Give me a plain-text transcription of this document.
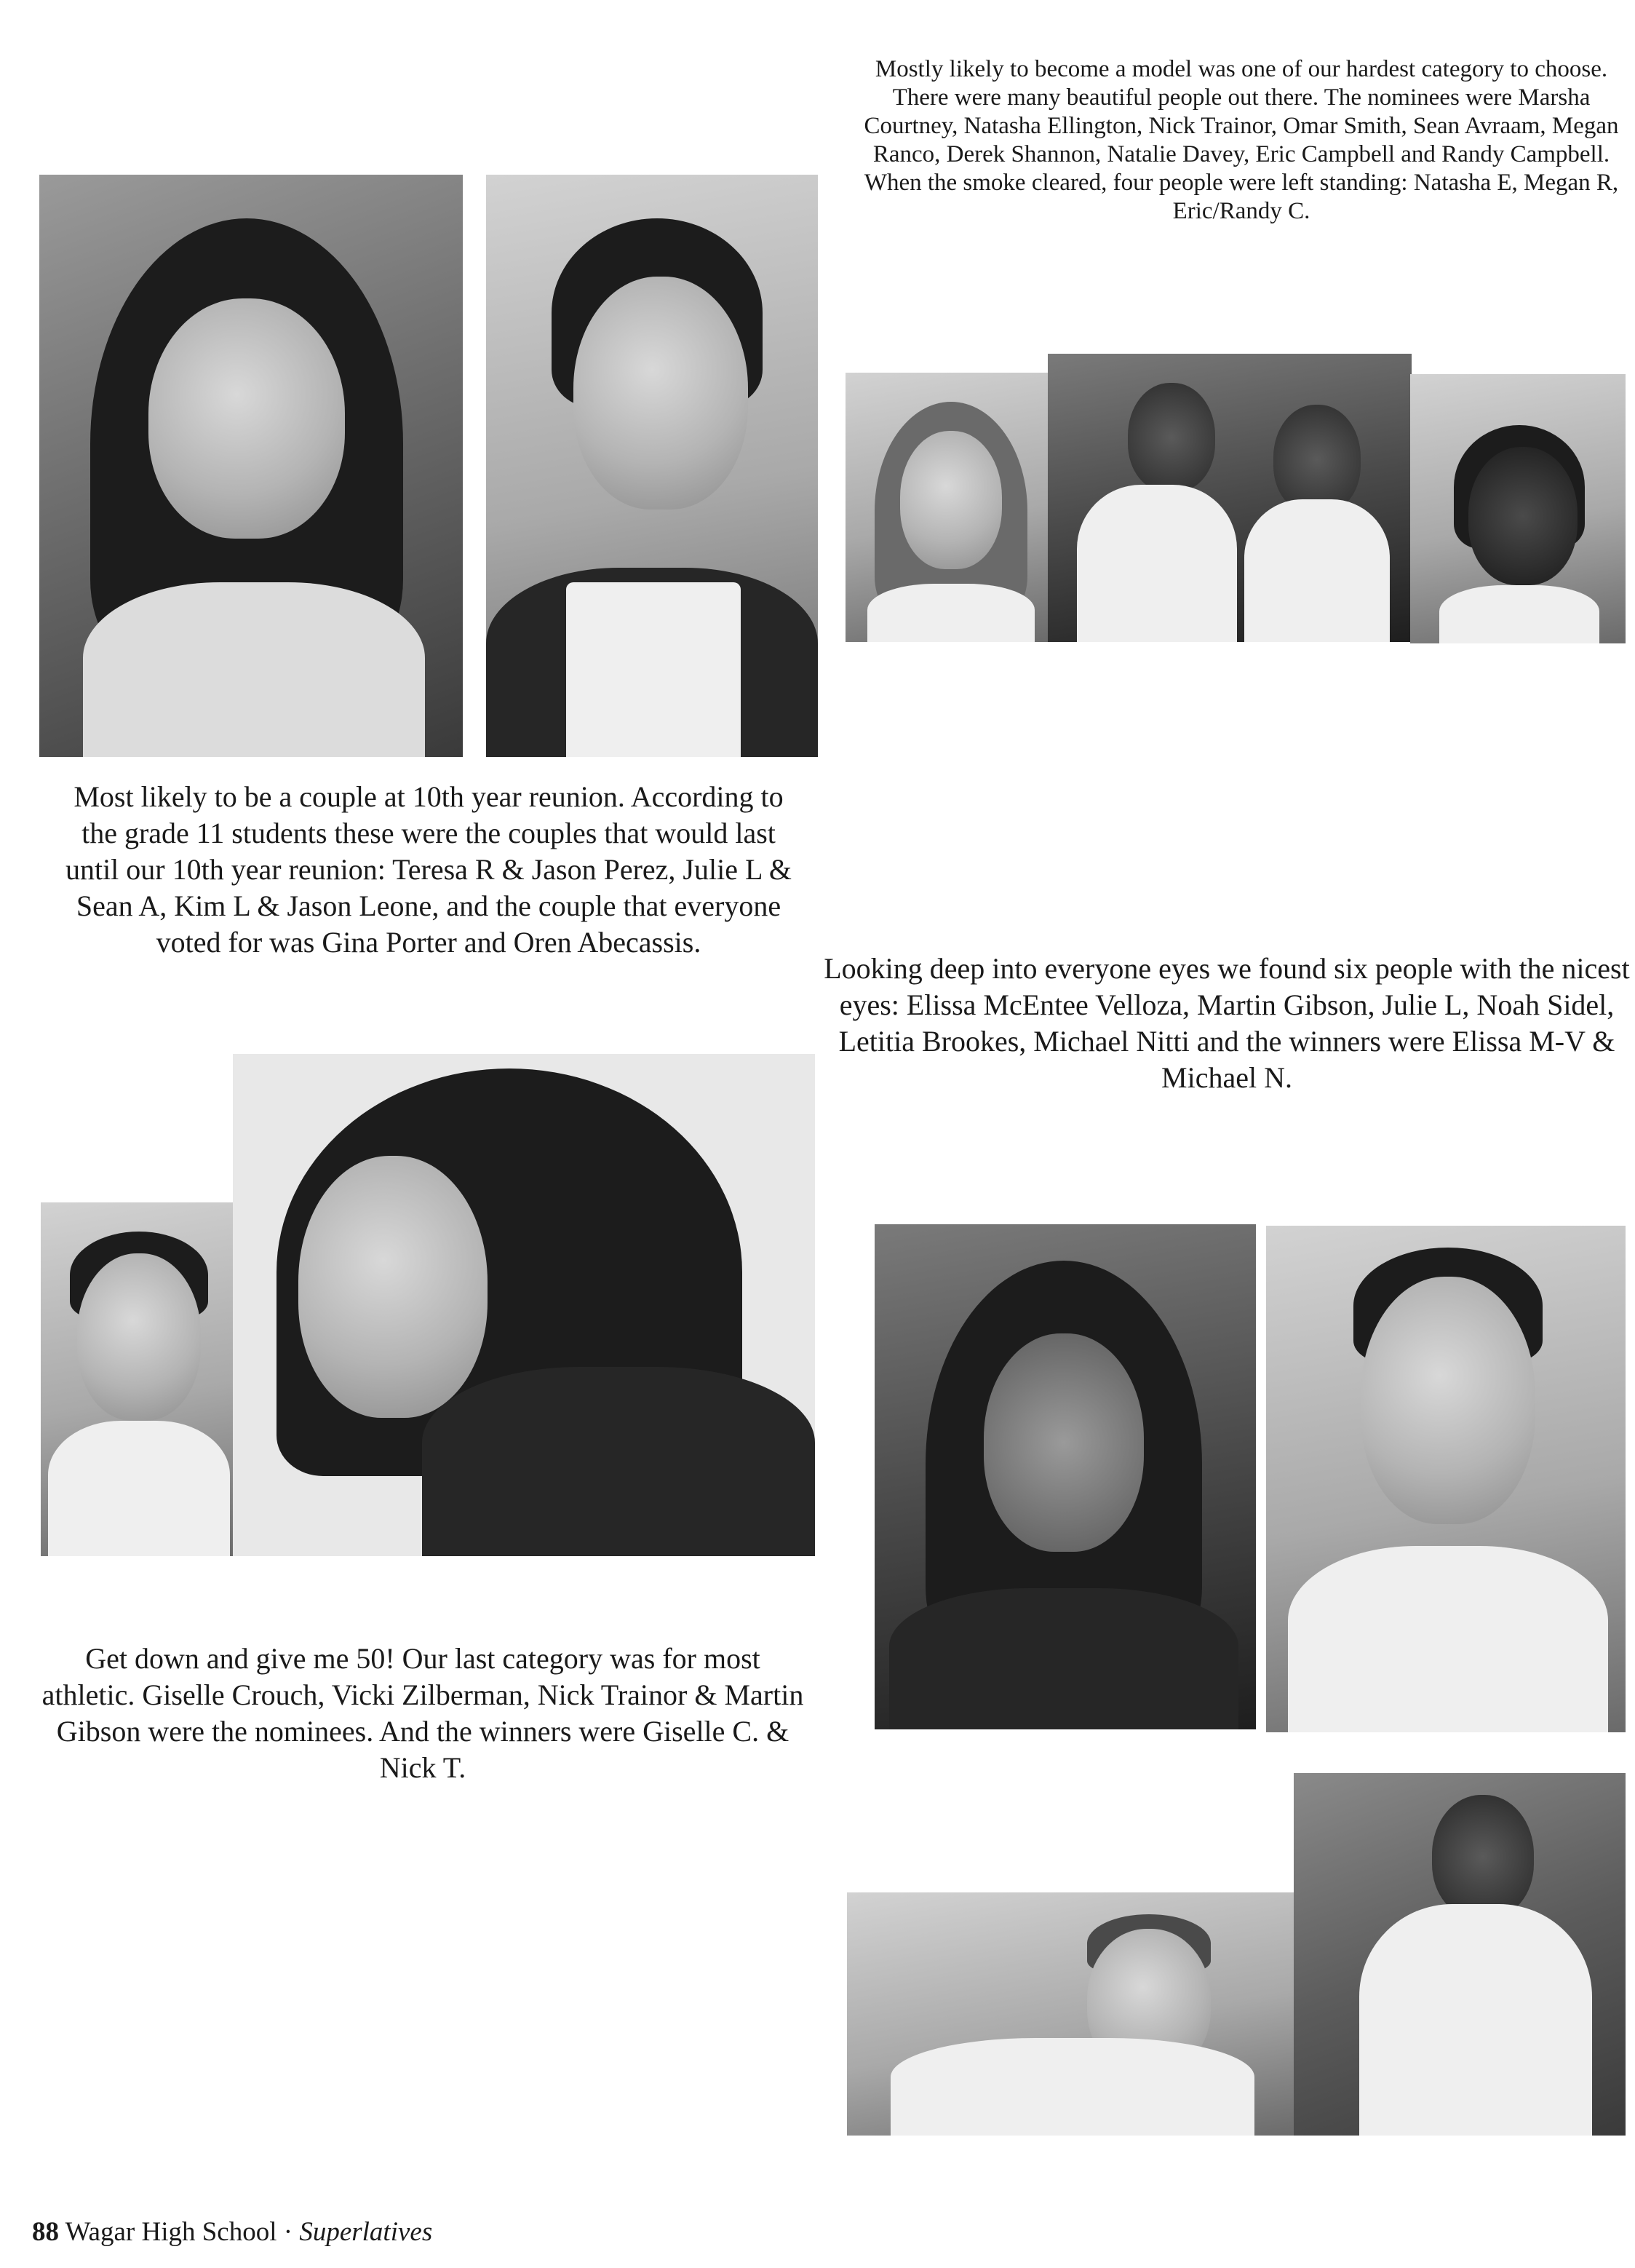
Mostly likely to become a model was one of our hardest category to choose. There were many beautiful people out there. The nominees were Marsha Courtney, Natasha Ellington, Nick Trainor, Omar Smith, Sean Avraam, Megan Ranco, Derek Shannon, Natalie Davey, Eric Campbell and Randy Campbell. When the smoke cleared, four people were left standing: Natasha E, Megan R, Eric/Randy C.

Most likely to be a couple at 10th year reunion. According to the grade 11 students these were the couples that would last until our 10th year reunion: Teresa R & Jason Perez, Julie L & Sean A, Kim L & Jason Leone, and the couple that everyone voted for was Gina Porter and Oren Abecassis.

Looking deep into everyone eyes we found six people with the nicest eyes: Elissa McEntee Velloza, Martin Gibson, Julie L, Noah Sidel, Letitia Brookes, Michael Nitti and the winners were Elissa M-V & Michael N.

Get down and give me 50! Our last category was for most athletic. Giselle Crouch, Vicki Zilberman, Nick Trainor & Martin Gibson were the nominees. And the winners were Giselle C. & Nick T.

88 Wagar High School · Superlatives
